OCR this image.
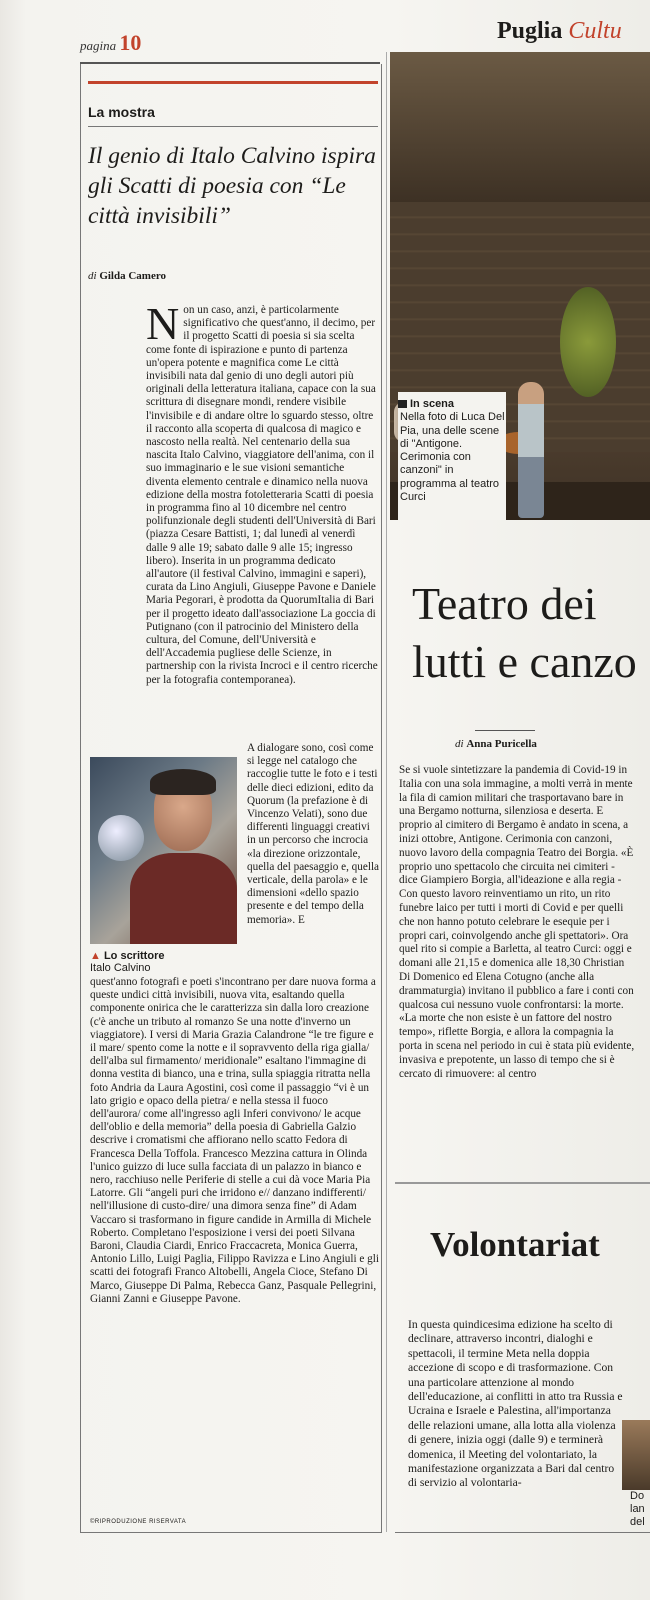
pagina 10	Puglia Cultu
La mostra
Il genio di Italo Calvino ispira gli Scatti di poesia con “Le città invisibili”
di Gilda Camero

Non un caso, anzi, è particolarmente significativo che quest'anno, il decimo, per il progetto Scatti di poesia si sia scelta come fonte di ispirazione e punto di partenza un'opera potente e magnifica come Le città invisibili nata dal genio di uno degli autori più originali della letteratura italiana, capace con la sua scrittura di disegnare mondi, rendere visibile l'invisibile e di andare oltre lo sguardo stesso, oltre il racconto alla scoperta di qualcosa di magico e nascosto nella realtà. Nel centenario della sua nascita Italo Calvino, viaggiatore dell'anima, con il suo immaginario e le sue visioni semantiche diventa elemento centrale e dinamico nella nuova edizione della mostra fotoletteraria Scatti di poesia in programma fino al 10 dicembre nel centro polifunzionale degli studenti dell'Università di Bari (piazza Cesare Battisti, 1; dal lunedì al venerdì dalle 9 alle 19; sabato dalle 9 alle 15; ingresso libero). Inserita in un programma dedicato all'autore (il festival Calvino, immagini e saperi), curata da Lino Angiuli, Giuseppe Pavone e Daniele Maria Pegorari, è prodotta da QuorumItalia di Bari per il progetto ideato dall'associazione La goccia di Putignano (con il patrocinio del Ministero della cultura, del Comune, dell'Università e dell'Accademia pugliese delle Scienze, in partnership con la rivista Incroci e il centro ricerche per la fotografia contemporanea).

▲ Lo scrittore
Italo Calvino

A dialogare sono, così come si legge nel catalogo che raccoglie tutte le foto e i testi delle dieci edizioni, edito da Quorum (la prefazione è di Vincenzo Velati), sono due differenti linguaggi creativi in un percorso che incrocia «la direzione orizzontale, quella del paesaggio e, quella verticale, della parola» e le dimensioni «dello spazio presente e del tempo della memoria». E

quest'anno fotografi e poeti s'incontrano per dare nuova forma a queste undici città invisibili, nuova vita, esaltando quella componente onirica che le caratterizza sin dalla loro creazione (c'è anche un tributo al romanzo Se una notte d'inverno un viaggiatore). I versi di Maria Grazia Calandrone “le tre figure e il mare/ spento come la notte e il sopravvento della riga gialla/ dell'alba sul firmamento/ meridionale” esaltano l'immagine di donna vestita di bianco, una e trina, sulla spiaggia ritratta nella foto Andria da Laura Agostini, così come il passaggio “vi è un lato grigio e opaco della pietra/ e nella stessa il fuoco dell'aurora/ come all'ingresso agli Inferi convivono/ le acque dell'oblio e della memoria” della poesia di Gabriella Galzio descrive i cromatismi che affiorano nello scatto Fedora di Francesca Della Toffola. Francesco Mezzina cattura in Olinda l'unico guizzo di luce sulla facciata di un palazzo in bianco e nero, racchiuso nelle Periferie di stelle a cui dà voce Maria Pia Latorre. Gli “angeli puri che irridono e// danzano indifferenti/ nell'illusione di custo-dire/ una dimora senza fine” di Adam Vaccaro si trasformano in figure candide in Armilla di Michele Roberto. Completano l'esposizione i versi dei poeti Silvana Baroni, Claudia Ciardi, Enrico Fraccacreta, Monica Guerra, Antonio Lillo, Luigi Paglia, Filippo Ravizza e Lino Angiuli e gli scatti dei fotografi Franco Altobelli, Angela Cioce, Stefano Di Marco, Giuseppe Di Palma, Rebecca Ganz, Pasquale Pellegrini, Gianni Zanni e Giuseppe Pavone.

©RIPRODUZIONE RISERVATA
In scena
Nella foto di Luca Del Pia, una delle scene di "Antigone. Cerimonia con canzoni" in programma al teatro Curci
Teatro dei
lutti e canzo
di Anna Puricella
Se si vuole sintetizzare la pandemia di Covid-19 in Italia con una sola immagine, a molti verrà in mente la fila di camion militari che trasportavano bare in una Bergamo notturna, silenziosa e deserta. E proprio al cimitero di Bergamo è andato in scena, a inizi ottobre, Antigone. Cerimonia con canzoni, nuovo lavoro della compagnia Teatro dei Borgia. «È proprio uno spettacolo che circuita nei cimiteri - dice Giampiero Borgia, all'ideazione e alla regia - Con questo lavoro reinventiamo un rito, un rito funebre laico per tutti i morti di Covid e per quelli che non hanno potuto celebrare le esequie per i propri cari, coinvolgendo anche gli spettatori». Ora quel rito si compie a Barletta, al teatro Curci: oggi e domani alle 21,15 e domenica alle 18,30 Christian Di Domenico ed Elena Cotugno (anche alla drammaturgia) invitano il pubblico a fare i conti con qualcosa cui nessuno vuole confrontarsi: la morte. «La morte che non esiste è un fattore del nostro tempo», riflette Borgia, e allora la compagnia la porta in scena nel periodo in cui è stata più evidente, invasiva e prepotente, un lasso di tempo che si è cercato di rimuovere: al centro
Volontariat
In questa quindicesima edizione ha scelto di declinare, attraverso incontri, dialoghi e spettacoli, il termine Meta nella doppia accezione di scopo e di trasformazione. Con una particolare attenzione al mondo dell'educazione, ai conflitti in atto tra Russia e Ucraina e Israele e Palestina, all'importanza delle relazioni umane, alla lotta alla violenza di genere, inizia oggi (dalle 9) e terminerà domenica, il Meeting del volontariato, la manifestazione organizzata a Bari dal centro di servizio al volontaria-
Do lan del
